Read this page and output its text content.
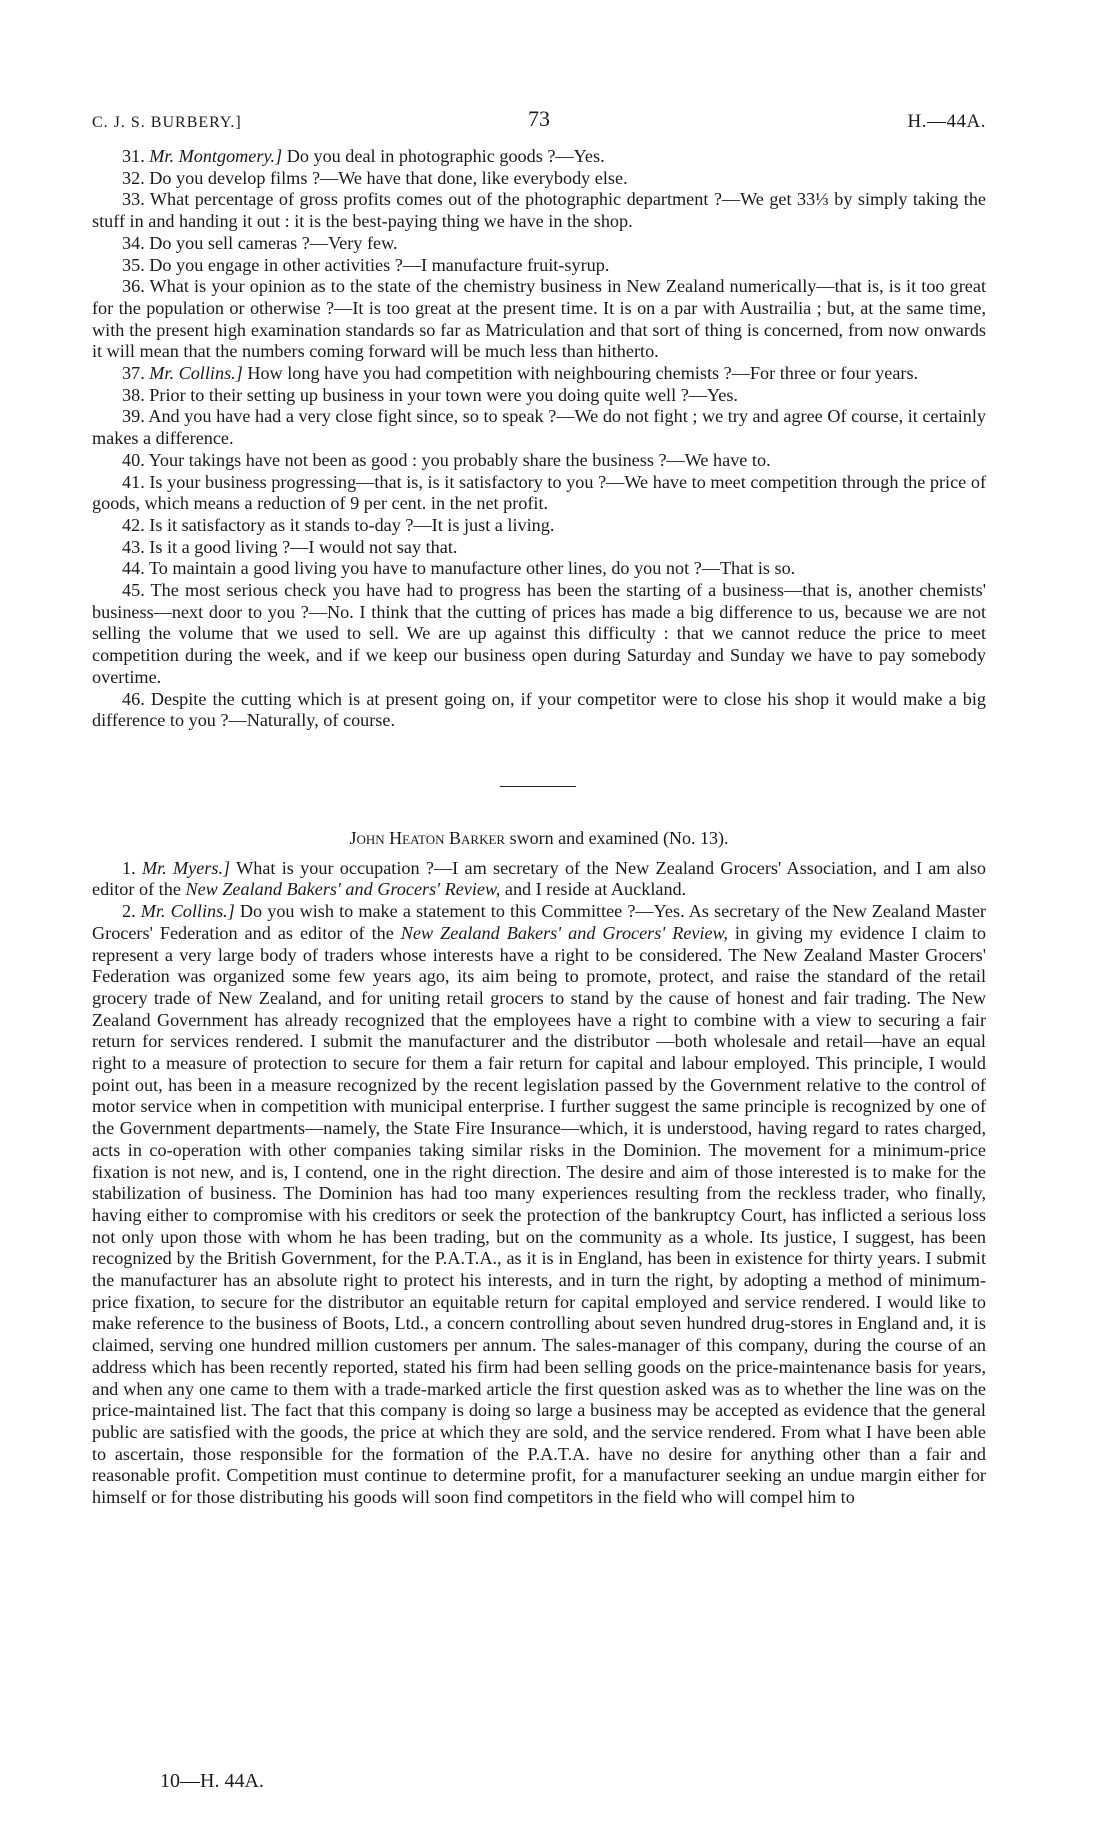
C. J. S. BURBERY.]	73	H.—44A.

31. Mr. Montgomery.] Do you deal in photographic goods ?—Yes.

32. Do you develop films ?—We have that done, like everybody else.

33. What percentage of gross profits comes out of the photographic department ?—We get 33⅓ by simply taking the stuff in and handing it out : it is the best-paying thing we have in the shop.

34. Do you sell cameras ?—Very few.

35. Do you engage in other activities ?—I manufacture fruit-syrup.

36. What is your opinion as to the state of the chemistry business in New Zealand numerically—that is, is it too great for the population or otherwise ?—It is too great at the present time. It is on a par with Austrailia ; but, at the same time, with the present high examination standards so far as Matriculation and that sort of thing is concerned, from now onwards it will mean that the numbers coming forward will be much less than hitherto.

37. Mr. Collins.] How long have you had competition with neighbouring chemists ?—For three or four years.

38. Prior to their setting up business in your town were you doing quite well ?—Yes.

39. And you have had a very close fight since, so to speak ?—We do not fight ; we try and agree Of course, it certainly makes a difference.

40. Your takings have not been as good : you probably share the business ?—We have to.

41. Is your business progressing—that is, is it satisfactory to you ?—We have to meet competition through the price of goods, which means a reduction of 9 per cent. in the net profit.

42. Is it satisfactory as it stands to-day ?—It is just a living.

43. Is it a good living ?—I would not say that.

44. To maintain a good living you have to manufacture other lines, do you not ?—That is so.

45. The most serious check you have had to progress has been the starting of a business—that is, another chemists' business—next door to you ?—No. I think that the cutting of prices has made a big difference to us, because we are not selling the volume that we used to sell. We are up against this difficulty : that we cannot reduce the price to meet competition during the week, and if we keep our business open during Saturday and Sunday we have to pay somebody overtime.

46. Despite the cutting which is at present going on, if your competitor were to close his shop it would make a big difference to you ?—Naturally, of course.

John Heaton Barker sworn and examined (No. 13).

1. Mr. Myers.] What is your occupation ?—I am secretary of the New Zealand Grocers' Association, and I am also editor of the New Zealand Bakers' and Grocers' Review, and I reside at Auckland.

2. Mr. Collins.] Do you wish to make a statement to this Committee ?—Yes. As secretary of the New Zealand Master Grocers' Federation and as editor of the New Zealand Bakers' and Grocers' Review, in giving my evidence I claim to represent a very large body of traders whose interests have a right to be considered. The New Zealand Master Grocers' Federation was organized some few years ago, its aim being to promote, protect, and raise the standard of the retail grocery trade of New Zealand, and for uniting retail grocers to stand by the cause of honest and fair trading. The New Zealand Government has already recognized that the employees have a right to combine with a view to securing a fair return for services rendered. I submit the manufacturer and the distributor —both wholesale and retail—have an equal right to a measure of protection to secure for them a fair return for capital and labour employed. This principle, I would point out, has been in a measure recognized by the recent legislation passed by the Government relative to the control of motor service when in competition with municipal enterprise. I further suggest the same principle is recognized by one of the Government departments—namely, the State Fire Insurance—which, it is understood, having regard to rates charged, acts in co-operation with other companies taking similar risks in the Dominion. The movement for a minimum-price fixation is not new, and is, I contend, one in the right direction. The desire and aim of those interested is to make for the stabilization of business. The Dominion has had too many experiences resulting from the reckless trader, who finally, having either to compromise with his creditors or seek the protection of the bankruptcy Court, has inflicted a serious loss not only upon those with whom he has been trading, but on the community as a whole. Its justice, I suggest, has been recognized by the British Government, for the P.A.T.A., as it is in England, has been in existence for thirty years. I submit the manufacturer has an absolute right to protect his interests, and in turn the right, by adopting a method of minimum-price fixation, to secure for the distributor an equitable return for capital employed and service rendered. I would like to make reference to the business of Boots, Ltd., a concern controlling about seven hundred drug-stores in England and, it is claimed, serving one hundred million customers per annum. The sales-manager of this company, during the course of an address which has been recently reported, stated his firm had been selling goods on the price-maintenance basis for years, and when any one came to them with a trade-marked article the first question asked was as to whether the line was on the price-maintained list. The fact that this company is doing so large a business may be accepted as evidence that the general public are satisfied with the goods, the price at which they are sold, and the service rendered. From what I have been able to ascertain, those responsible for the formation of the P.A.T.A. have no desire for anything other than a fair and reasonable profit. Competition must continue to determine profit, for a manufacturer seeking an undue margin either for himself or for those distributing his goods will soon find competitors in the field who will compel him to

10—H. 44A.
